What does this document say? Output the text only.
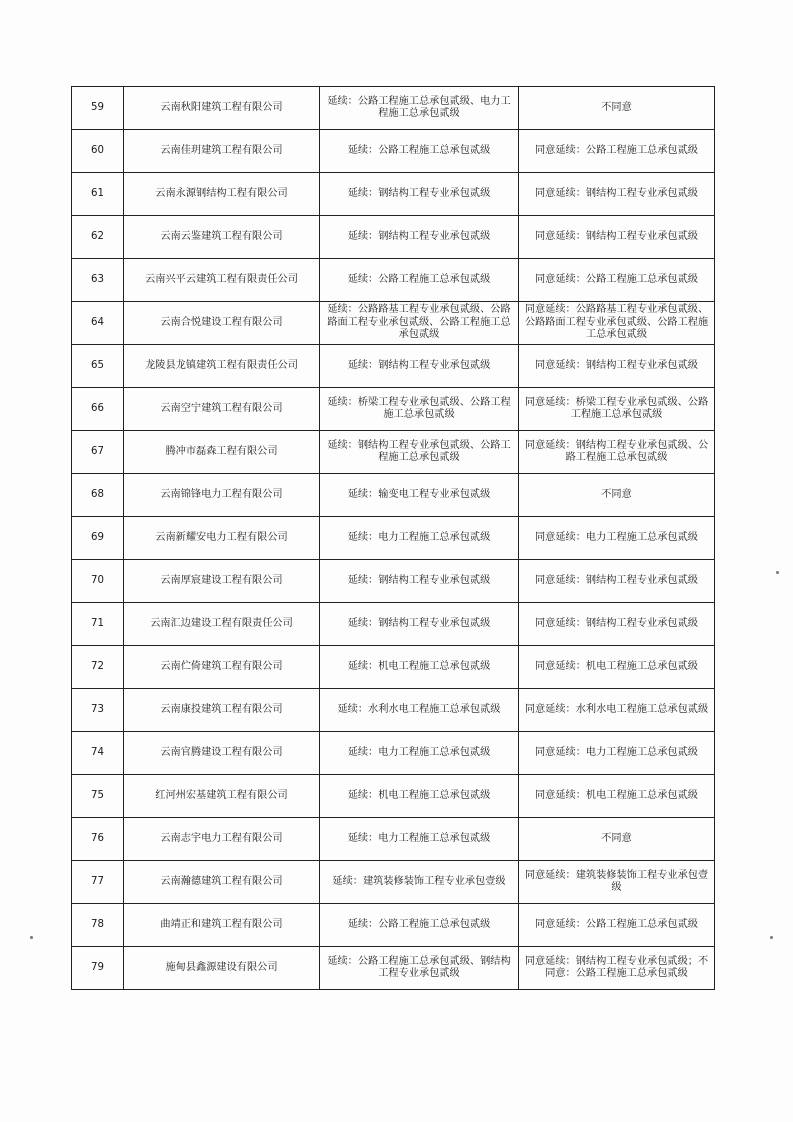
59	云南秋阳建筑工程有限公司	延续：公路工程施工总承包贰级、电力工程施工总承包贰级	不同意
60	云南佳玥建筑工程有限公司	延续：公路工程施工总承包贰级	同意延续：公路工程施工总承包贰级
61	云南永源钢结构工程有限公司	延续：钢结构工程专业承包贰级	同意延续：钢结构工程专业承包贰级
62	云南云鉴建筑工程有限公司	延续：钢结构工程专业承包贰级	同意延续：钢结构工程专业承包贰级
63	云南兴平云建筑工程有限责任公司	延续：公路工程施工总承包贰级	同意延续：公路工程施工总承包贰级
64	云南合悦建设工程有限公司	延续：公路路基工程专业承包贰级、公路路面工程专业承包贰级、公路工程施工总承包贰级	同意延续：公路路基工程专业承包贰级、公路路面工程专业承包贰级、公路工程施工总承包贰级
65	龙陵县龙镇建筑工程有限责任公司	延续：钢结构工程专业承包贰级	同意延续：钢结构工程专业承包贰级
66	云南空宁建筑工程有限公司	延续：桥梁工程专业承包贰级、公路工程施工总承包贰级	同意延续：桥梁工程专业承包贰级、公路工程施工总承包贰级
67	腾冲市磊森工程有限公司	延续：钢结构工程专业承包贰级、公路工程施工总承包贰级	同意延续：钢结构工程专业承包贰级、公路工程施工总承包贰级
68	云南锦锋电力工程有限公司	延续：输变电工程专业承包贰级	不同意
69	云南新耀安电力工程有限公司	延续：电力工程施工总承包贰级	同意延续：电力工程施工总承包贰级
70	云南厚宸建设工程有限公司	延续：钢结构工程专业承包贰级	同意延续：钢结构工程专业承包贰级
71	云南汇边建设工程有限责任公司	延续：钢结构工程专业承包贰级	同意延续：钢结构工程专业承包贰级
72	云南伫倚建筑工程有限公司	延续：机电工程施工总承包贰级	同意延续：机电工程施工总承包贰级
73	云南康投建筑工程有限公司	延续：水利水电工程施工总承包贰级	同意延续：水利水电工程施工总承包贰级
74	云南官腾建设工程有限公司	延续：电力工程施工总承包贰级	同意延续：电力工程施工总承包贰级
75	红河州宏基建筑工程有限公司	延续：机电工程施工总承包贰级	同意延续：机电工程施工总承包贰级
76	云南志宇电力工程有限公司	延续：电力工程施工总承包贰级	不同意
77	云南瀚德建筑工程有限公司	延续：建筑装修装饰工程专业承包壹级	同意延续：建筑装修装饰工程专业承包壹级
78	曲靖正和建筑工程有限公司	延续：公路工程施工总承包贰级	同意延续：公路工程施工总承包贰级
79	施甸县鑫源建设有限公司	延续：公路工程施工总承包贰级、钢结构工程专业承包贰级	同意延续：钢结构工程专业承包贰级；不同意：公路工程施工总承包贰级
